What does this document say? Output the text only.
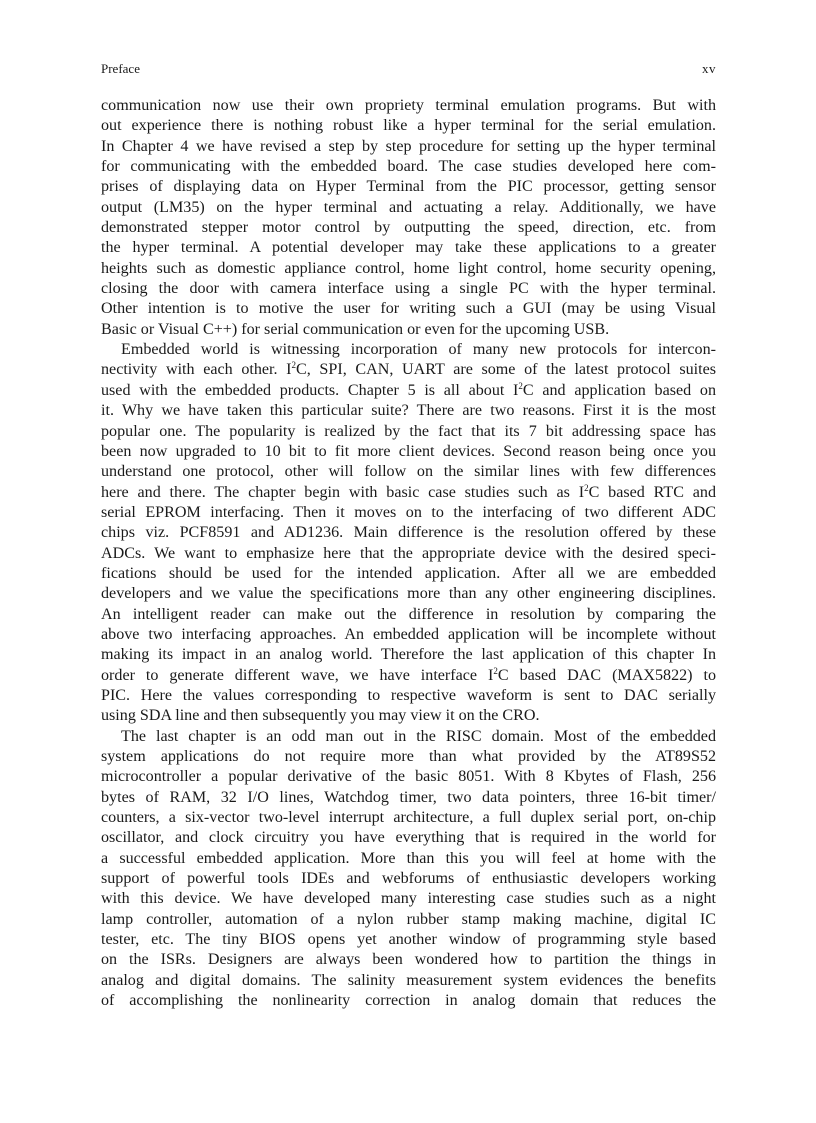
Preface	xv
communication now use their own propriety terminal emulation programs. But with
out experience there is nothing robust like a hyper terminal for the serial emulation.
In Chapter 4 we have revised a step by step procedure for setting up the hyper terminal
for communicating with the embedded board. The case studies developed here com-
prises of displaying data on Hyper Terminal from the PIC processor, getting sensor
output (LM35) on the hyper terminal and actuating a relay. Additionally, we have
demonstrated stepper motor control by outputting the speed, direction, etc. from
the hyper terminal. A potential developer may take these applications to a greater
heights such as domestic appliance control, home light control, home security opening,
closing the door with camera interface using a single PC with the hyper terminal.
Other intention is to motive the user for writing such a GUI (may be using Visual
Basic or Visual C++) for serial communication or even for the upcoming USB.
Embedded world is witnessing incorporation of many new protocols for intercon-
nectivity with each other. $I^2C$, SPI, CAN, UART are some of the latest protocol suites
used with the embedded products. Chapter 5 is all about $I^2C$ and application based on
it. Why we have taken this particular suite? There are two reasons. First it is the most
popular one. The popularity is realized by the fact that its 7 bit addressing space has
been now upgraded to 10 bit to fit more client devices. Second reason being once you
understand one protocol, other will follow on the similar lines with few differences
here and there. The chapter begin with basic case studies such as $I^2C$ based RTC and
serial EPROM interfacing. Then it moves on to the interfacing of two different ADC
chips viz. PCF8591 and AD1236. Main difference is the resolution offered by these
ADCs. We want to emphasize here that the appropriate device with the desired speci-
fications should be used for the intended application. After all we are embedded
developers and we value the specifications more than any other engineering disciplines.
An intelligent reader can make out the difference in resolution by comparing the
above two interfacing approaches. An embedded application will be incomplete without
making its impact in an analog world. Therefore the last application of this chapter In
order to generate different wave, we have interface $I^2C$ based DAC (MAX5822) to
PIC. Here the values corresponding to respective waveform is sent to DAC serially
using SDA line and then subsequently you may view it on the CRO.
The last chapter is an odd man out in the RISC domain. Most of the embedded
system applications do not require more than what provided by the AT89S52
microcontroller a popular derivative of the basic 8051. With 8 Kbytes of Flash, 256
bytes of RAM, 32 I/O lines, Watchdog timer, two data pointers, three 16-bit timer/
counters, a six-vector two-level interrupt architecture, a full duplex serial port, on-chip
oscillator, and clock circuitry you have everything that is required in the world for
a successful embedded application. More than this you will feel at home with the
support of powerful tools IDEs and webforums of enthusiastic developers working
with this device. We have developed many interesting case studies such as a night
lamp controller, automation of a nylon rubber stamp making machine, digital IC
tester, etc. The tiny BIOS opens yet another window of programming style based
on the ISRs. Designers are always been wondered how to partition the things in
analog and digital domains. The salinity measurement system evidences the benefits
of accomplishing the nonlinearity correction in analog domain that reduces the
